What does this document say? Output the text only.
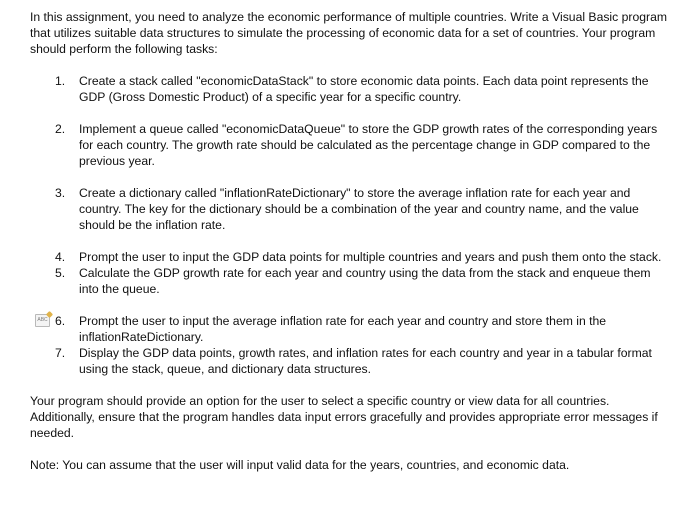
In this assignment, you need to analyze the economic performance of multiple countries. Write a Visual Basic program that utilizes suitable data structures to simulate the processing of economic data for a set of countries. Your program should perform the following tasks:

1. Create a stack called "economicDataStack" to store economic data points. Each data point represents the GDP (Gross Domestic Product) of a specific year for a specific country.
2. Implement a queue called "economicDataQueue" to store the GDP growth rates of the corresponding years for each country. The growth rate should be calculated as the percentage change in GDP compared to the previous year.
3. Create a dictionary called "inflationRateDictionary" to store the average inflation rate for each year and country. The key for the dictionary should be a combination of the year and country name, and the value should be the inflation rate.
4. Prompt the user to input the GDP data points for multiple countries and years and push them onto the stack.
5. Calculate the GDP growth rate for each year and country using the data from the stack and enqueue them into the queue.
ABC 6. Prompt the user to input the average inflation rate for each year and country and store them in the inflationRateDictionary.
7. Display the GDP data points, growth rates, and inflation rates for each country and year in a tabular format using the stack, queue, and dictionary data structures.

Your program should provide an option for the user to select a specific country or view data for all countries. Additionally, ensure that the program handles data input errors gracefully and provides appropriate error messages if needed.

Note: You can assume that the user will input valid data for the years, countries, and economic data.
